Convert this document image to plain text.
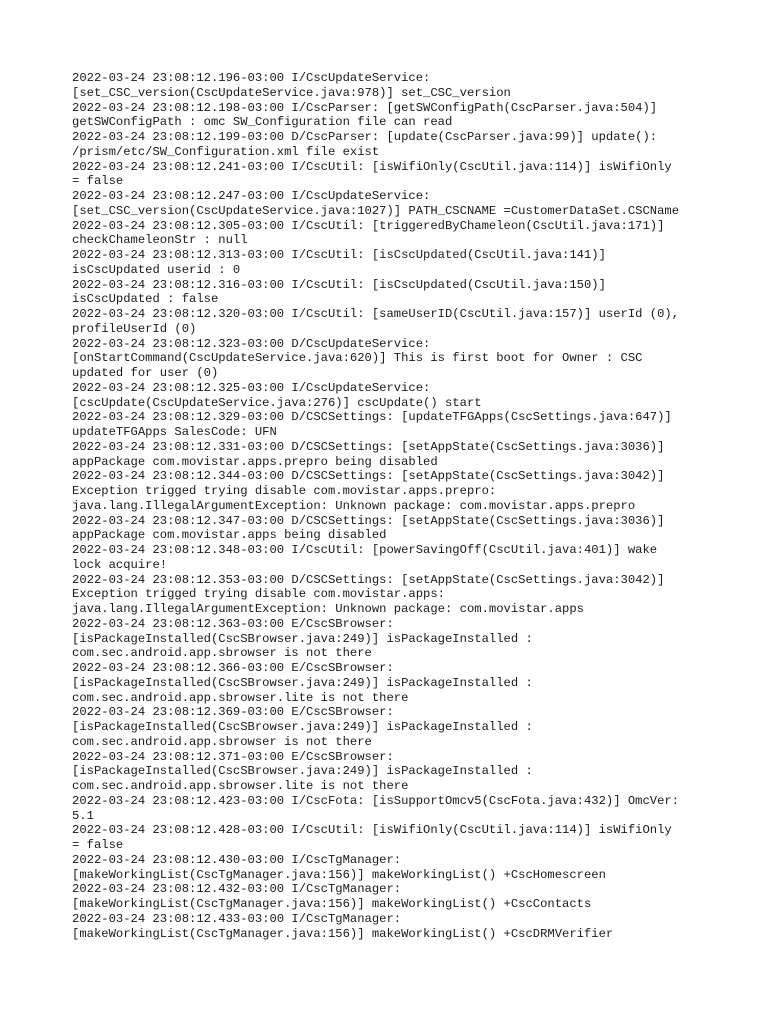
2022-03-24 23:08:12.196-03:00 I/CscUpdateService:
[set_CSC_version(CscUpdateService.java:978)] set_CSC_version
2022-03-24 23:08:12.198-03:00 I/CscParser: [getSWConfigPath(CscParser.java:504)]
getSWConfigPath : omc SW_Configuration file can read
2022-03-24 23:08:12.199-03:00 D/CscParser: [update(CscParser.java:99)] update():
/prism/etc/SW_Configuration.xml file exist
2022-03-24 23:08:12.241-03:00 I/CscUtil: [isWifiOnly(CscUtil.java:114)] isWifiOnly
= false
2022-03-24 23:08:12.247-03:00 I/CscUpdateService:
[set_CSC_version(CscUpdateService.java:1027)] PATH_CSCNAME =CustomerDataSet.CSCName
2022-03-24 23:08:12.305-03:00 I/CscUtil: [triggeredByChameleon(CscUtil.java:171)]
checkChameleonStr : null
2022-03-24 23:08:12.313-03:00 I/CscUtil: [isCscUpdated(CscUtil.java:141)]
isCscUpdated userid : 0
2022-03-24 23:08:12.316-03:00 I/CscUtil: [isCscUpdated(CscUtil.java:150)]
isCscUpdated : false
2022-03-24 23:08:12.320-03:00 I/CscUtil: [sameUserID(CscUtil.java:157)] userId (0),
profileUserId (0)
2022-03-24 23:08:12.323-03:00 D/CscUpdateService:
[onStartCommand(CscUpdateService.java:620)] This is first boot for Owner : CSC
updated for user (0)
2022-03-24 23:08:12.325-03:00 I/CscUpdateService:
[cscUpdate(CscUpdateService.java:276)] cscUpdate() start
2022-03-24 23:08:12.329-03:00 D/CSCSettings: [updateTFGApps(CscSettings.java:647)]
updateTFGApps SalesCode: UFN
2022-03-24 23:08:12.331-03:00 D/CSCSettings: [setAppState(CscSettings.java:3036)]
appPackage com.movistar.apps.prepro being disabled
2022-03-24 23:08:12.344-03:00 D/CSCSettings: [setAppState(CscSettings.java:3042)]
Exception trigged trying disable com.movistar.apps.prepro:
java.lang.IllegalArgumentException: Unknown package: com.movistar.apps.prepro
2022-03-24 23:08:12.347-03:00 D/CSCSettings: [setAppState(CscSettings.java:3036)]
appPackage com.movistar.apps being disabled
2022-03-24 23:08:12.348-03:00 I/CscUtil: [powerSavingOff(CscUtil.java:401)] wake
lock acquire!
2022-03-24 23:08:12.353-03:00 D/CSCSettings: [setAppState(CscSettings.java:3042)]
Exception trigged trying disable com.movistar.apps:
java.lang.IllegalArgumentException: Unknown package: com.movistar.apps
2022-03-24 23:08:12.363-03:00 E/CscSBrowser:
[isPackageInstalled(CscSBrowser.java:249)] isPackageInstalled :
com.sec.android.app.sbrowser is not there
2022-03-24 23:08:12.366-03:00 E/CscSBrowser:
[isPackageInstalled(CscSBrowser.java:249)] isPackageInstalled :
com.sec.android.app.sbrowser.lite is not there
2022-03-24 23:08:12.369-03:00 E/CscSBrowser:
[isPackageInstalled(CscSBrowser.java:249)] isPackageInstalled :
com.sec.android.app.sbrowser is not there
2022-03-24 23:08:12.371-03:00 E/CscSBrowser:
[isPackageInstalled(CscSBrowser.java:249)] isPackageInstalled :
com.sec.android.app.sbrowser.lite is not there
2022-03-24 23:08:12.423-03:00 I/CscFota: [isSupportOmcv5(CscFota.java:432)] OmcVer:
5.1
2022-03-24 23:08:12.428-03:00 I/CscUtil: [isWifiOnly(CscUtil.java:114)] isWifiOnly
= false
2022-03-24 23:08:12.430-03:00 I/CscTgManager:
[makeWorkingList(CscTgManager.java:156)] makeWorkingList() +CscHomescreen
2022-03-24 23:08:12.432-03:00 I/CscTgManager:
[makeWorkingList(CscTgManager.java:156)] makeWorkingList() +CscContacts
2022-03-24 23:08:12.433-03:00 I/CscTgManager:
[makeWorkingList(CscTgManager.java:156)] makeWorkingList() +CscDRMVerifier
